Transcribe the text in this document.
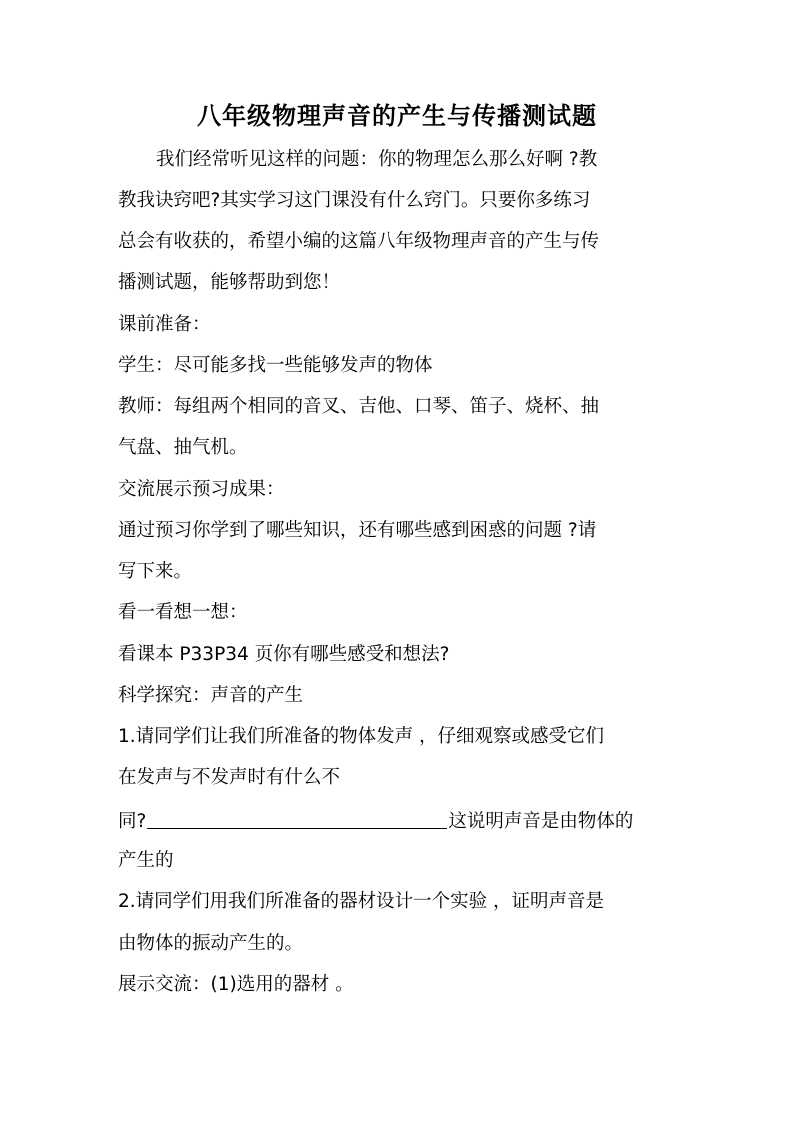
八年级物理声音的产生与传播测试题
我们经常听见这样的问题：你的物理怎么那么好啊 ?教
教我诀窍吧?其实学习这门课没有什么窍门。只要你多练习
总会有收获的，希望小编的这篇八年级物理声音的产生与传
播测试题，能够帮助到您！
课前准备：
学生：尽可能多找一些能够发声的物体
教师：每组两个相同的音叉、吉他、口琴、笛子、烧杯、抽
气盘、抽气机。
交流展示预习成果：
通过预习你学到了哪些知识，还有哪些感到困惑的问题 ?请
写下来。
看一看想一想：
看课本 P33P34 页你有哪些感受和想法?
科学探究：声音的产生
1.请同学们让我们所准备的物体发声 ，仔细观察或感受它们
在发声与不发声时有什么不
同?	这说明声音是由物体的
产生的
2.请同学们用我们所准备的器材设计一个实验 ，证明声音是
由物体的振动产生的。
展示交流：(1)选用的器材 。
